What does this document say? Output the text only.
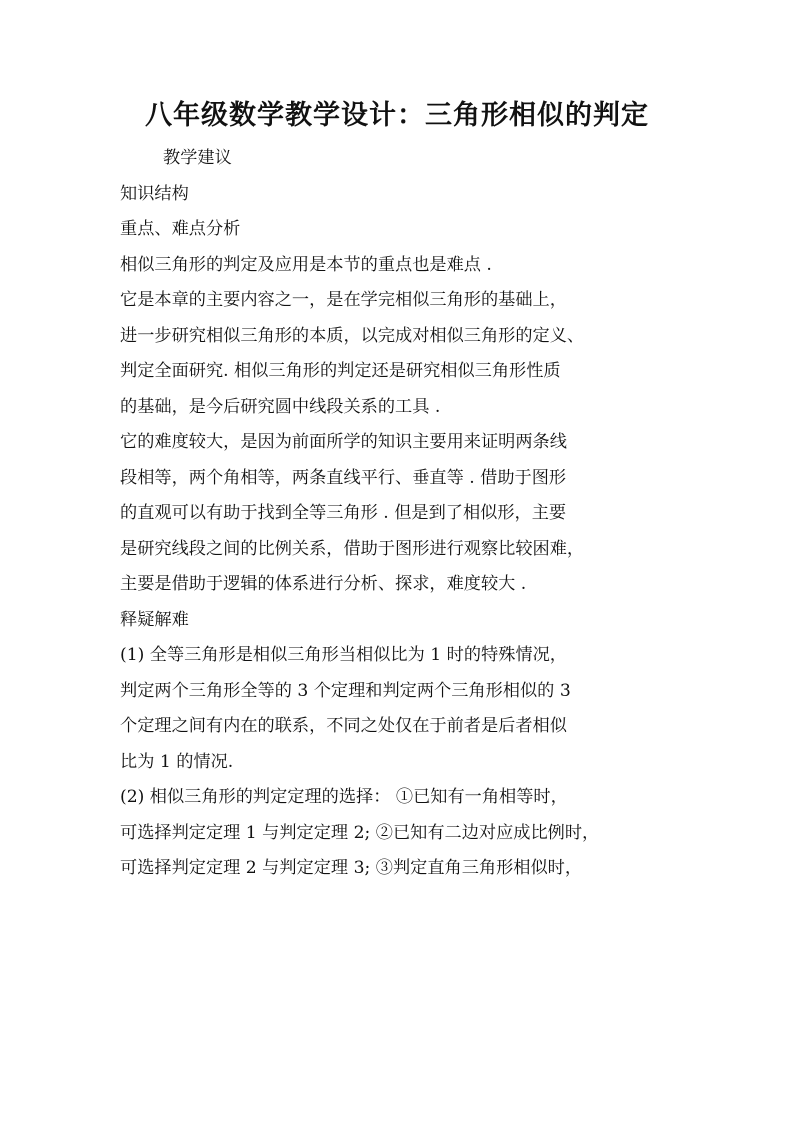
八年级数学教学设计：三角形相似的判定
教学建议
知识结构
重点、难点分析
相似三角形的判定及应用是本节的重点也是难点 .
它是本章的主要内容之一，是在学完相似三角形的基础上，
进一步研究相似三角形的本质，以完成对相似三角形的定义、
判定全面研究. 相似三角形的判定还是研究相似三角形性质
的基础，是今后研究圆中线段关系的工具 .
它的难度较大，是因为前面所学的知识主要用来证明两条线
段相等，两个角相等，两条直线平行、垂直等 . 借助于图形
的直观可以有助于找到全等三角形 . 但是到了相似形，主要
是研究线段之间的比例关系，借助于图形进行观察比较困难，
主要是借助于逻辑的体系进行分析、探求，难度较大 .
释疑解难
(1) 全等三角形是相似三角形当相似比为 1 时的特殊情况，
判定两个三角形全等的 3 个定理和判定两个三角形相似的 3
个定理之间有内在的联系，不同之处仅在于前者是后者相似
比为 1 的情况.
(2) 相似三角形的判定定理的选择： ①已知有一角相等时，
可选择判定定理 1 与判定定理 2; ②已知有二边对应成比例时，
可选择判定定理 2 与判定定理 3; ③判定直角三角形相似时，
